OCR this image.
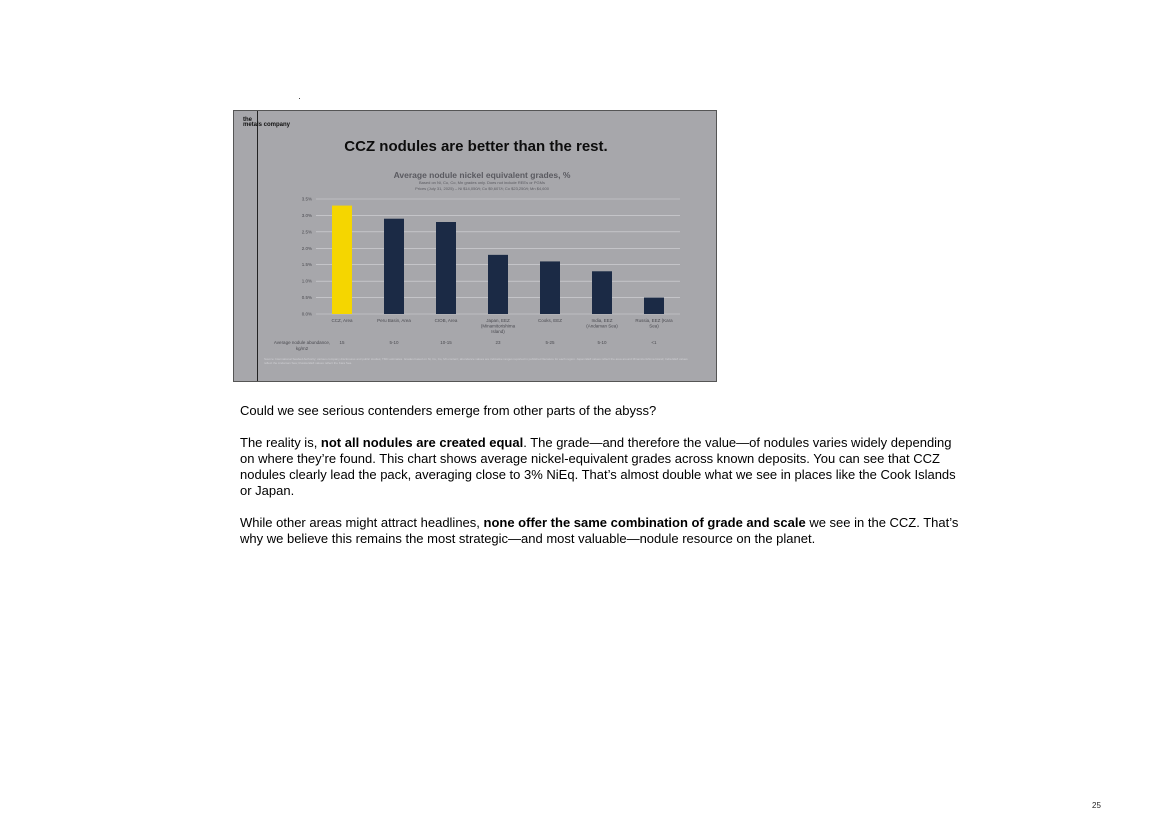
the
metals company
CCZ nodules are better than the rest.
Average nodule nickel equivalent grades, %
Based on Ni, Cu, Co, Mn grades only. Does not include REEs or PGMs
Prices (July 31, 2025) – Ni $14,050/t; Cu $9,607/t; Co $23,250/t; Mn $4,600
0.0%
0.5%
1.0%
1.5%
2.0%
2.5%
3.0%
3.5%
CCZ, Area
15
Peru Basin, Area
5-10
CIOB, Area
10-15
Japan, EEZ
(Minamitorishima
Island)
23
Cooks, EEZ
5-25
India, EEZ
(Andaman Sea)
5-10
Russia, EEZ (Kara
Sea)
<1
Average nodule abundance, kg/m2
Source: International Seabed Authority; various company disclosures and public studies; TMC estimates. Grades based on Ni, Cu, Co, Mn content; abundance values are indicative ranges reported in published literature for each region. Japan EEZ values reflect the area around Minamitorishima Island; India EEZ values reflect the Andaman Sea; Russia EEZ values reflect the Kara Sea.

Could we see serious contenders emerge from other parts of the abyss?

The reality is, not all nodules are created equal. The grade—and therefore the value—of nodules varies widely depending on where they’re found. This chart shows average nickel-equivalent grades across known deposits. You can see that CCZ nodules clearly lead the pack, averaging close to 3% NiEq. That’s almost double what we see in places like the Cook Islands or Japan.

While other areas might attract headlines, none offer the same combination of grade and scale we see in the CCZ. That’s why we believe this remains the most strategic—and most valuable—nodule resource on the planet.

25
